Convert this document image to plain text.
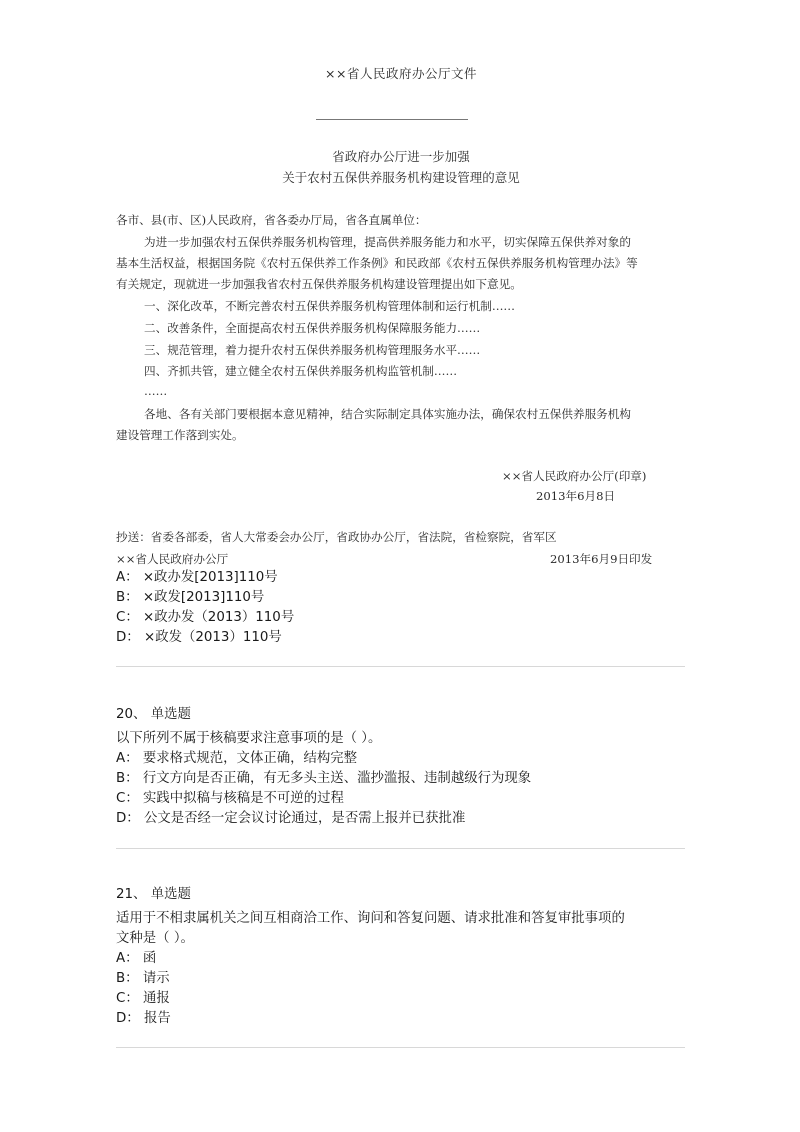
××省人民政府办公厅文件
省政府办公厅进一步加强
关于农村五保供养服务机构建设管理的意见
各市、县(市、区)人民政府，省各委办厅局，省各直属单位：
为进一步加强农村五保供养服务机构管理，提高供养服务能力和水平，切实保障五保供养对象的
基本生活权益，根据国务院《农村五保供养工作条例》和民政部《农村五保供养服务机构管理办法》等
有关规定，现就进一步加强我省农村五保供养服务机构建设管理提出如下意见。
一、深化改革，不断完善农村五保供养服务机构管理体制和运行机制……
二、改善条件，全面提高农村五保供养服务机构保障服务能力……
三、规范管理，着力提升农村五保供养服务机构管理服务水平……
四、齐抓共管，建立健全农村五保供养服务机构监管机制……
……
各地、各有关部门要根据本意见精神，结合实际制定具体实施办法，确保农村五保供养服务机构
建设管理工作落到实处。
××省人民政府办公厅(印章)
2013年6月8日
抄送：省委各部委，省人大常委会办公厅，省政协办公厅，省法院，省检察院，省军区
××省人民政府办公厅	2013年6月9日印发
A： ×政办发[2013]110号
B： ×政发[2013]110号
C： ×政办发（2013）110号
D： ×政发（2013）110号
20、 单选题
以下所列不属于核稿要求注意事项的是（ ）。
A： 要求格式规范，文体正确，结构完整
B： 行文方向是否正确，有无多头主送、滥抄滥报、违制越级行为现象
C： 实践中拟稿与核稿是不可逆的过程
D： 公文是否经一定会议讨论通过，是否需上报并已获批准
21、 单选题
适用于不相隶属机关之间互相商洽工作、询问和答复问题、请求批准和答复审批事项的
文种是（ ）。
A： 函
B： 请示
C： 通报
D： 报告
